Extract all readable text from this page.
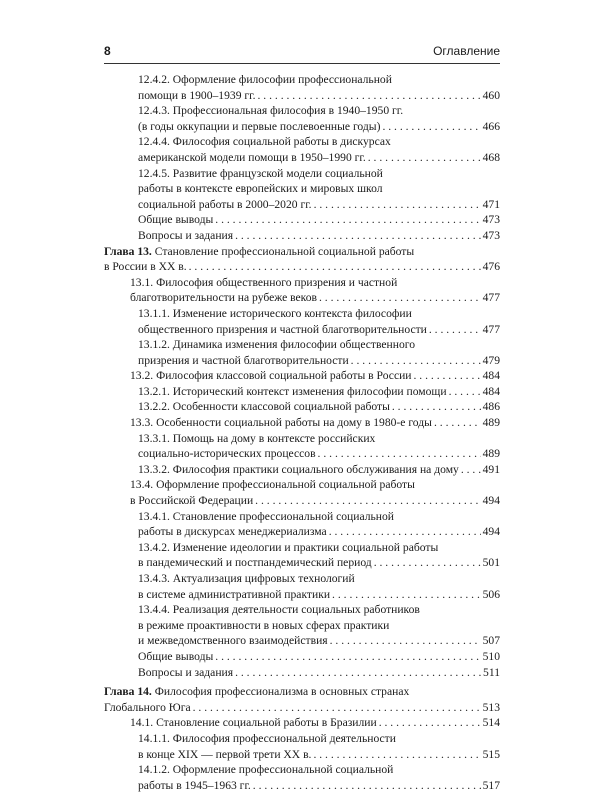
8	Оглавление
12.4.2. Оформление философии профессиональной
помощи в 1900–1939 гг. . . .	460
12.4.3. Профессиональная философия в 1940–1950 гг.
(в годы оккупации и первые послевоенные годы) . . .	466
12.4.4. Философия социальной работы в дискурсах
американской модели помощи в 1950–1990 гг. . . .	468
12.4.5. Развитие французской модели социальной
работы в контексте европейских и мировых школ
социальной работы в 2000–2020 гг. . . .	471
Общие выводы . . .	473
Вопросы и задания . . .	473
Глава 13. Становление профессиональной социальной работы
в России в XX в. . . .	476
13.1. Философия общественного призрения и частной
благотворительности на рубеже веков . . .	477
13.1.1. Изменение исторического контекста философии
общественного призрения и частной благотворительности . . .	477
13.1.2. Динамика изменения философии общественного
призрения и частной благотворительности . . .	479
13.2. Философия классовой социальной работы в России . . .	484
13.2.1. Исторический контекст изменения философии помощи . . .	484
13.2.2. Особенности классовой социальной работы . . .	486
13.3. Особенности социальной работы на дому в 1980-е годы . . .	489
13.3.1. Помощь на дому в контексте российских
социально-исторических процессов . . .	489
13.3.2. Философия практики социального обслуживания на дому . . . 491
13.4. Оформление профессиональной социальной работы
в Российской Федерации . . .	494
13.4.1. Становление профессиональной социальной
работы в дискурсах менеджериализма . . .	494
13.4.2. Изменение идеологии и практики социальной работы
в пандемический и постпандемический период . . .	501
13.4.3. Актуализация цифровых технологий
в системе административной практики . . .	506
13.4.4. Реализация деятельности социальных работников
в режиме проактивности в новых сферах практики
и межведомственного взаимодействия . . .	507
Общие выводы . . .	510
Вопросы и задания . . .	511
Глава 14. Философия профессионализма в основных странах
Глобального Юга . . .	513
14.1. Становление социальной работы в Бразилии . . .	514
14.1.1. Философия профессиональной деятельности
в конце XIX — первой трети XX в. . . .	515
14.1.2. Оформление профессиональной социальной
работы в 1945–1963 гг. . . .	517
